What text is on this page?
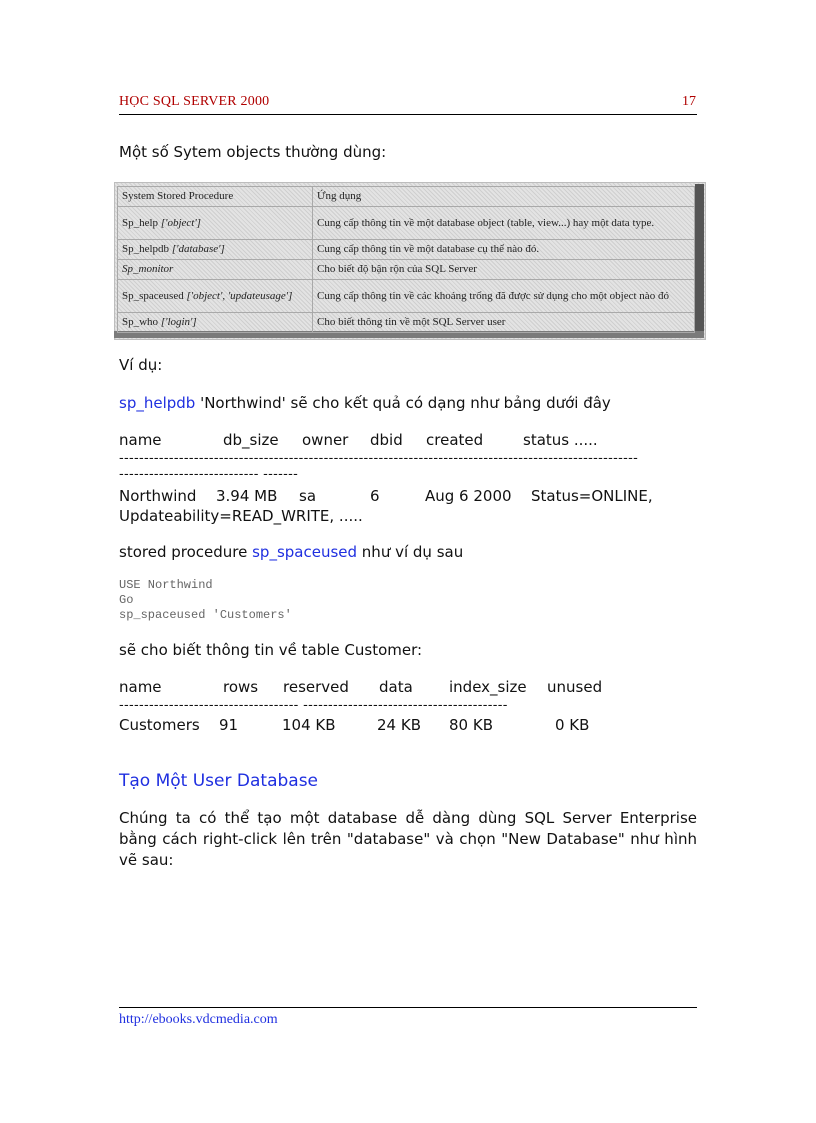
HỌC SQL SERVER 2000	17
Một số Sytem objects thường dùng:
System Stored Procedure	Ứng dụng
Sp_help ['object']	Cung cấp thông tin về một database object (table, view...) hay một data type.
Sp_helpdb ['database']	Cung cấp thông tin về một database cụ thể nào đó.
Sp_monitor	Cho biết độ bận rộn của SQL Server
Sp_spaceused ['object', 'updateusage']	Cung cấp thông tin về các khoảng trống đã được sử dụng cho một object nào đó
Sp_who ['login']	Cho biết thông tin về một SQL Server user
Ví dụ:
sp_helpdb 'Northwind' sẽ cho kết quả có dạng như bảng dưới đây
name	db_size owner dbid created	status .....
--------------------------------------------------------------------------------------------------------
---------------------------- -------
Northwind 3.94 MB sa	6	Aug 6 2000 Status=ONLINE,
Updateability=READ_WRITE, .....
stored procedure sp_spaceused như ví dụ sau
USE Northwind
Go
sp_spaceused 'Customers'
sẽ cho biết thông tin về table Customer:
name	rows reserved data index_size unused
------------------------------------ -----------------------------------------
Customers 91	104 KB	24 KB 80 KB	0 KB
Tạo Một User Database
Chúng ta có thể tạo một database dễ dàng dùng SQL Server Enterprise bằng cách right-click lên trên "database" và chọn "New Database" như hình vẽ sau:
http://ebooks.vdcmedia.com
